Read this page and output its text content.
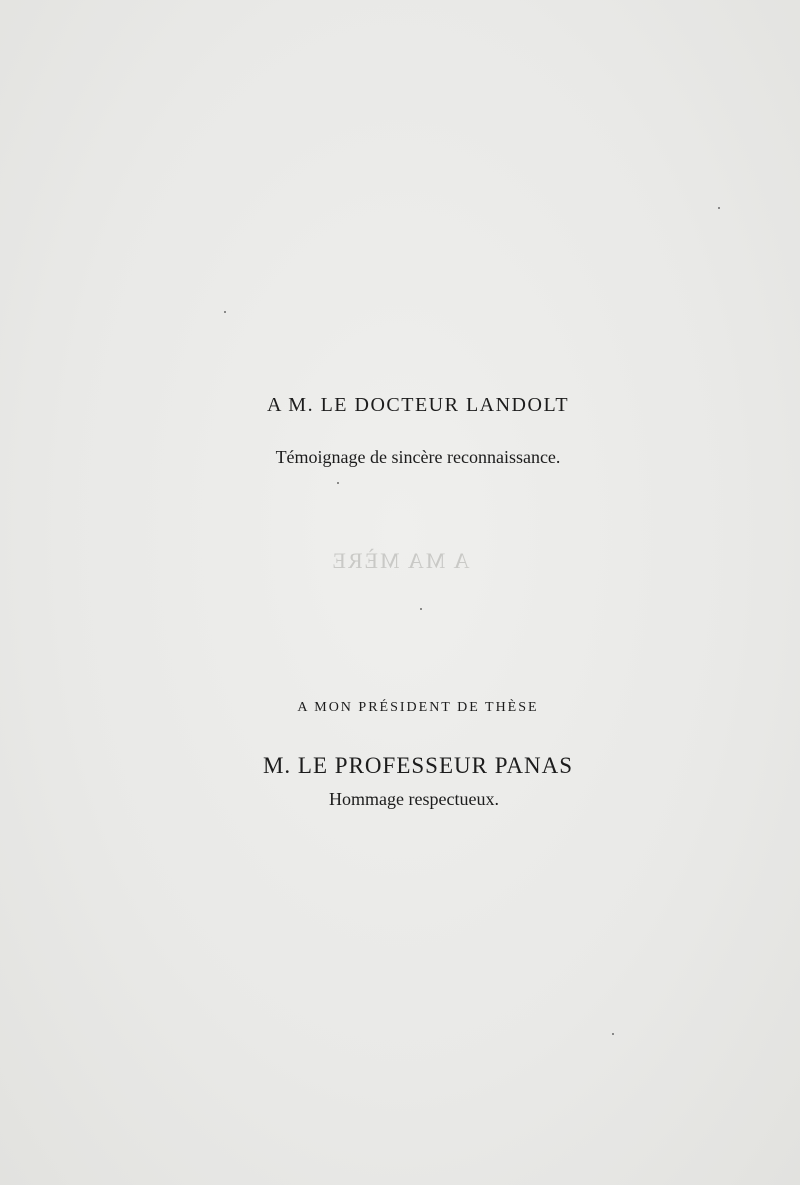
A MA MÈRE
A M. LE DOCTEUR LANDOLT
Témoignage de sincère reconnaissance.
A MON PRÉSIDENT DE THÈSE
M. LE PROFESSEUR PANAS
Hommage respectueux.
